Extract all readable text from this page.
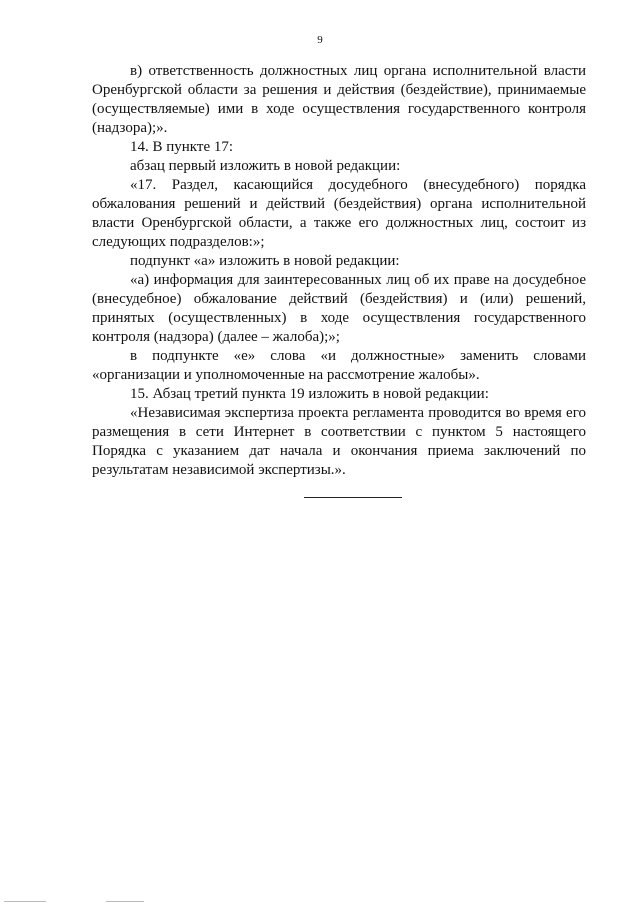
9

в) ответственность должностных лиц органа исполнительной власти Оренбургской области за решения и действия (бездействие), принимаемые (осуществляемые) ими в ходе осуществления государственного контроля (надзора);».

14. В пункте 17:

абзац первый изложить в новой редакции:

«17. Раздел, касающийся досудебного (внесудебного) порядка обжалования решений и действий (бездействия) органа исполнительной власти Оренбургской области, а также его должностных лиц, состоит из следующих подразделов:»;

подпункт «а» изложить в новой редакции:

«а) информация для заинтересованных лиц об их праве на досудебное (внесудебное) обжалование действий (бездействия) и (или) решений, принятых (осуществленных) в ходе осуществления государственного контроля (надзора) (далее – жалоба);»;

в подпункте «е» слова «и должностные» заменить словами «организации и уполномоченные на рассмотрение жалобы».

15. Абзац третий пункта 19 изложить в новой редакции:

«Независимая экспертиза проекта регламента проводится во время его размещения в сети Интернет в соответствии с пунктом 5 настоящего Порядка с указанием дат начала и окончания приема заключений по результатам независимой экспертизы.».
